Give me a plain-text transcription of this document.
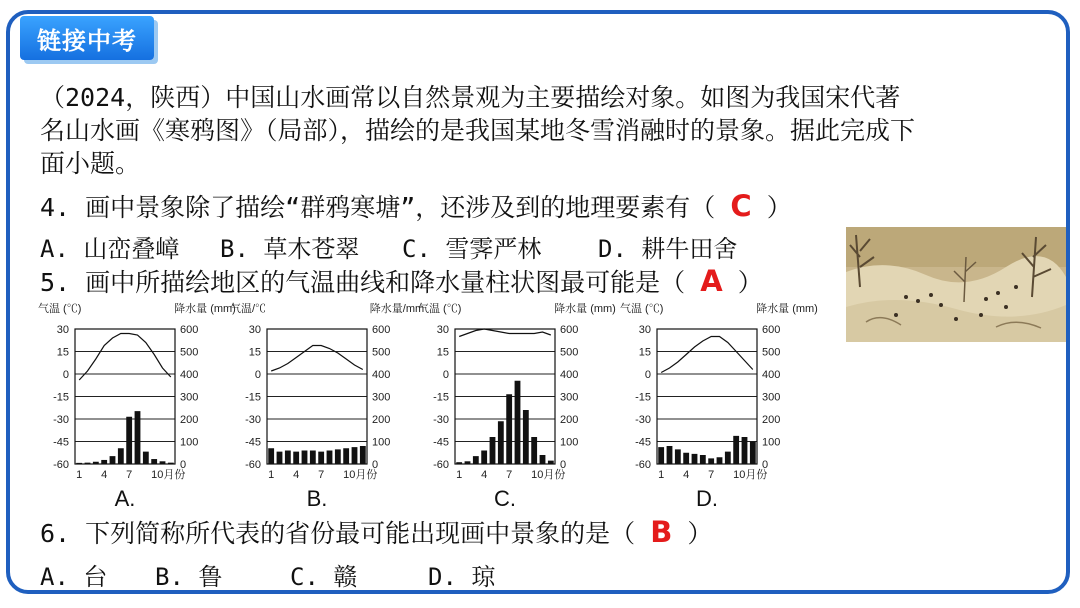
链接中考
（2024，陕西）中国山水画常以自然景观为主要描绘对象。如图为我国宋代著
名山水画《寒鸦图》（局部），描绘的是我国某地冬雪消融时的景象。据此完成下
面小题。
4. 画中景象除了描绘“群鸦寒塘”，还涉及到的地理要素有（ C ）
A. 山峦叠嶂 B. 草木苍翠 C. 雪霁严林 D. 耕牛田舍
5. 画中所描绘地区的气温曲线和降水量柱状图最可能是（ A ）
气温 (℃)	降水量 (mm)
30
15
0
-15
-30
-45
-60
600
500
400
300
200
100
0
1 4 7 10月份
A.
气温/℃	降水量/mm
30
15
0
-15
-30
-45
-60
600
500
400
300
200
100
0
1 4 7 10月份
B.
气温 (℃)	降水量 (mm)
30
15
0
-15
-30
-45
-60
600
500
400
300
200
100
0
1 4 7 10月份
C.
气温 (℃)	降水量 (mm)
30
15
0
-15
-30
-45
-60
600
500
400
300
200
100
0
1 4 7 10月份
D.
6. 下列简称所代表的省份最可能出现画中景象的是（ B ）
A. 台 B. 鲁	C. 赣	D. 琼
